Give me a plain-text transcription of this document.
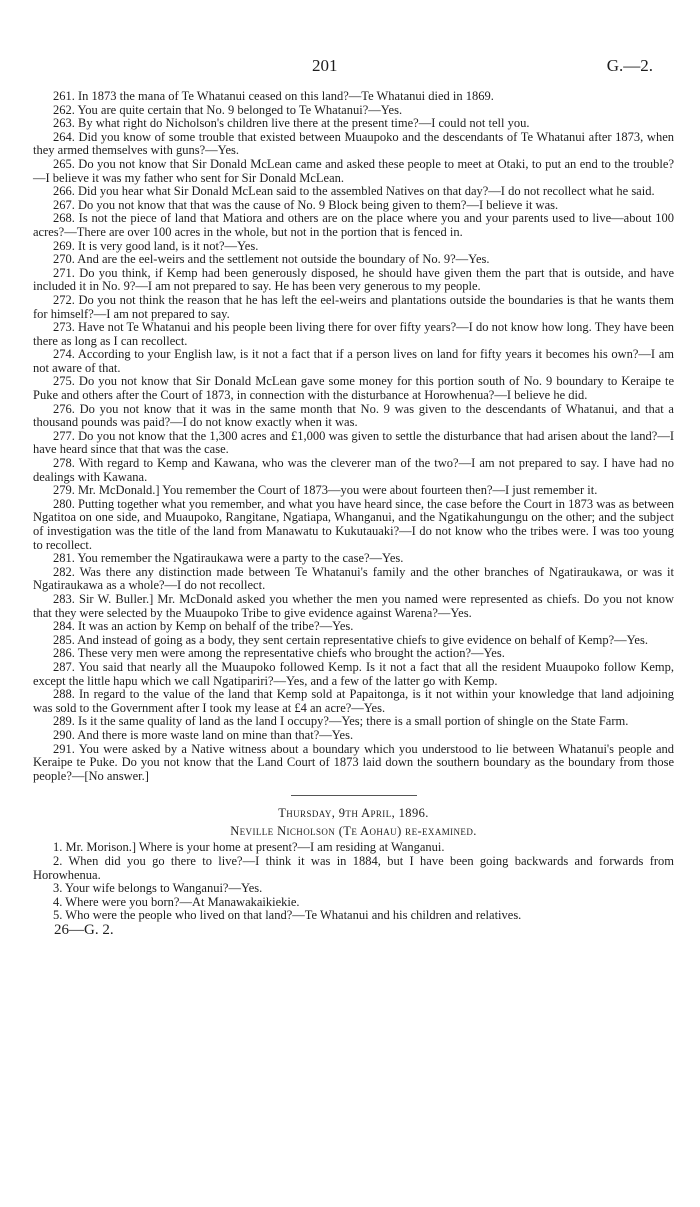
201	G.—2.

261. In 1873 the mana of Te Whatanui ceased on this land?—Te Whatanui died in 1869.

262. You are quite certain that No. 9 belonged to Te Whatanui?—Yes.

263. By what right do Nicholson's children live there at the present time?—I could not tell you.

264. Did you know of some trouble that existed between Muaupoko and the descendants of Te Whatanui after 1873, when they armed themselves with guns?—Yes.

265. Do you not know that Sir Donald McLean came and asked these people to meet at Otaki, to put an end to the trouble?—I believe it was my father who sent for Sir Donald McLean.

266. Did you hear what Sir Donald McLean said to the assembled Natives on that day?—I do not recollect what he said.

267. Do you not know that that was the cause of No. 9 Block being given to them?—I believe it was.

268. Is not the piece of land that Matiora and others are on the place where you and your parents used to live—about 100 acres?—There are over 100 acres in the whole, but not in the portion that is fenced in.

269. It is very good land, is it not?—Yes.

270. And are the eel-weirs and the settlement not outside the boundary of No. 9?—Yes.

271. Do you think, if Kemp had been generously disposed, he should have given them the part that is outside, and have included it in No. 9?—I am not prepared to say. He has been very generous to my people.

272. Do you not think the reason that he has left the eel-weirs and plantations outside the boundaries is that he wants them for himself?—I am not prepared to say.

273. Have not Te Whatanui and his people been living there for over fifty years?—I do not know how long. They have been there as long as I can recollect.

274. According to your English law, is it not a fact that if a person lives on land for fifty years it becomes his own?—I am not aware of that.

275. Do you not know that Sir Donald McLean gave some money for this portion south of No. 9 boundary to Keraipe te Puke and others after the Court of 1873, in connection with the disturbance at Horowhenua?—I believe he did.

276. Do you not know that it was in the same month that No. 9 was given to the descendants of Whatanui, and that a thousand pounds was paid?—I do not know exactly when it was.

277. Do you not know that the 1,300 acres and £1,000 was given to settle the disturbance that had arisen about the land?—I have heard since that that was the case.

278. With regard to Kemp and Kawana, who was the cleverer man of the two?—I am not prepared to say. I have had no dealings with Kawana.

279. Mr. McDonald.] You remember the Court of 1873—you were about fourteen then?—I just remember it.

280. Putting together what you remember, and what you have heard since, the case before the Court in 1873 was as between Ngatitoa on one side, and Muaupoko, Rangitane, Ngatiapa, Whanganui, and the Ngatikahungungu on the other; and the subject of investigation was the title of the land from Manawatu to Kukutauaki?—I do not know who the tribes were. I was too young to recollect.

281. You remember the Ngatiraukawa were a party to the case?—Yes.

282. Was there any distinction made between Te Whatanui's family and the other branches of Ngatiraukawa, or was it Ngatiraukawa as a whole?—I do not recollect.

283. Sir W. Buller.] Mr. McDonald asked you whether the men you named were represented as chiefs. Do you not know that they were selected by the Muaupoko Tribe to give evidence against Warena?—Yes.

284. It was an action by Kemp on behalf of the tribe?—Yes.

285. And instead of going as a body, they sent certain representative chiefs to give evidence on behalf of Kemp?—Yes.

286. These very men were among the representative chiefs who brought the action?—Yes.

287. You said that nearly all the Muaupoko followed Kemp. Is it not a fact that all the resident Muaupoko follow Kemp, except the little hapu which we call Ngatipariri?—Yes, and a few of the latter go with Kemp.

288. In regard to the value of the land that Kemp sold at Papaitonga, is it not within your knowledge that land adjoining was sold to the Government after I took my lease at £4 an acre?—Yes.

289. Is it the same quality of land as the land I occupy?—Yes; there is a small portion of shingle on the State Farm.

290. And there is more waste land on mine than that?—Yes.

291. You were asked by a Native witness about a boundary which you understood to lie between Whatanui's people and Keraipe te Puke. Do you not know that the Land Court of 1873 laid down the southern boundary as the boundary from those people?—[No answer.]

Thursday, 9th April, 1896.

Neville Nicholson (Te Aohau) re-examined.

1. Mr. Morison.] Where is your home at present?—I am residing at Wanganui.

2. When did you go there to live?—I think it was in 1884, but I have been going backwards and forwards from Horowhenua.

3. Your wife belongs to Wanganui?—Yes.

4. Where were you born?—At Manawakaikiekie.

5. Who were the people who lived on that land?—Te Whatanui and his children and relatives.

26—G. 2.
